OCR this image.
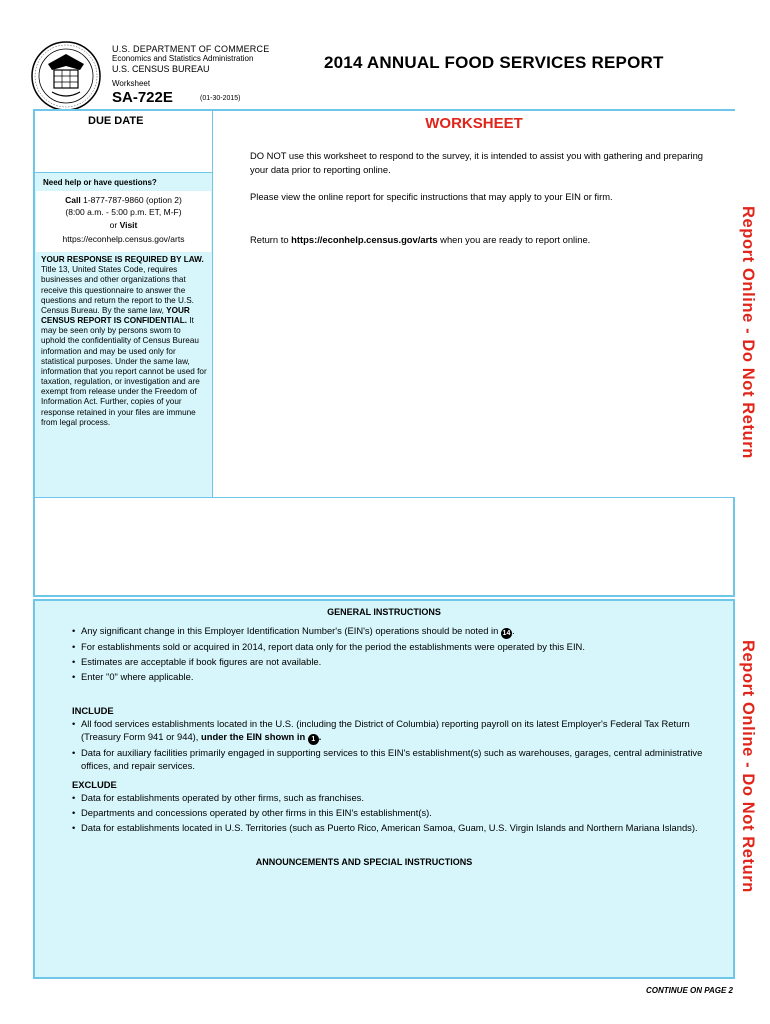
U.S. DEPARTMENT OF COMMERCE
Economics and Statistics Administration
U.S. CENSUS BUREAU
Worksheet
SA-722E	(01-30-2015)
2014 ANNUAL FOOD SERVICES REPORT
DUE DATE
Need help or have questions?
Call 1-877-787-9860 (option 2)
(8:00 a.m. - 5:00 p.m. ET, M-F)
or Visit
https://econhelp.census.gov/arts
YOUR RESPONSE IS REQUIRED BY LAW. Title 13, United States Code, requires businesses and other organizations that receive this questionnaire to answer the questions and return the report to the U.S. Census Bureau. By the same law, YOUR CENSUS REPORT IS CONFIDENTIAL. It may be seen only by persons sworn to uphold the confidentiality of Census Bureau information and may be used only for statistical purposes. Under the same law, information that you report cannot be used for taxation, regulation, or investigation and are exempt from release under the Freedom of Information Act. Further, copies of your response retained in your files are immune from legal process.
WORKSHEET
DO NOT use this worksheet to respond to the survey, it is intended to assist you with gathering and preparing your data prior to reporting online.
Please view the online report for specific instructions that may apply to your EIN or firm.
Return to https://econhelp.census.gov/arts when you are ready to report online.	Report Online - Do Not Return
GENERAL INSTRUCTIONS
• Any significant change in this Employer Identification Number's (EIN's) operations should be noted in 14 .
• For establishments sold or acquired in 2014, report data only for the period the establishments were operated by this EIN.
• Estimates are acceptable if book figures are not available.
• Enter "0" where applicable.
INCLUDE
• All food services establishments located in the U.S. (including the District of Columbia) reporting payroll on its latest Employer's Federal Tax Return (Treasury Form 941 or 944), under the EIN shown in 1 .
• Data for auxiliary facilities primarily engaged in supporting services to this EIN's establishment(s) such as warehouses, garages, central administrative offices, and repair services.
EXCLUDE
• Data for establishments operated by other firms, such as franchises.
• Departments and concessions operated by other firms in this EIN's establishment(s).
• Data for establishments located in U.S. Territories (such as Puerto Rico, American Samoa, Guam, U.S. Virgin Islands and Northern Mariana Islands).
ANNOUNCEMENTS AND SPECIAL INSTRUCTIONS	Report Online - Do Not Return
CONTINUE ON PAGE 2
